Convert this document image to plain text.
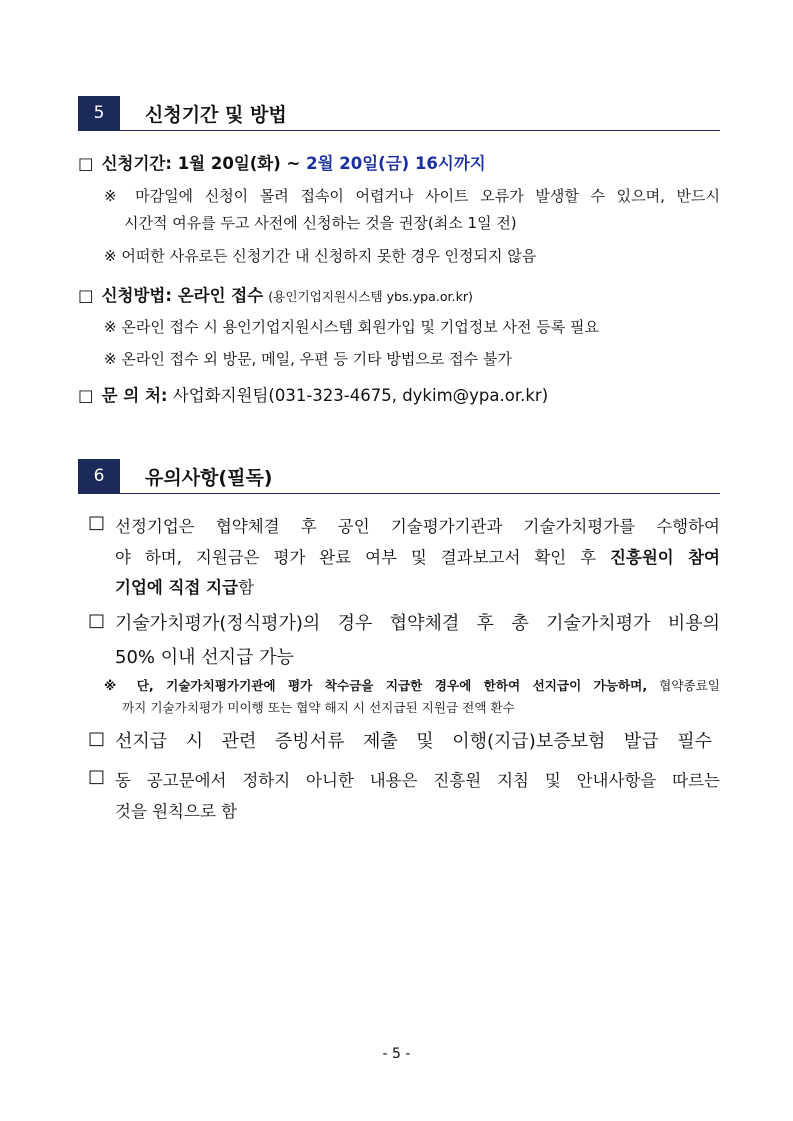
5	신청기간 및 방법
□ 신청기간: 1월 20일(화) ~ 2월 20일(금) 16시까지
※ 마감일에 신청이 몰려 접속이 어렵거나 사이트 오류가 발생할 수 있으며, 반드시
시간적 여유를 두고 사전에 신청하는 것을 권장(최소 1일 전)
※ 어떠한 사유로든 신청기간 내 신청하지 못한 경우 인정되지 않음
□ 신청방법: 온라인 접수 (용인기업지원시스템 ybs.ypa.or.kr)
※ 온라인 접수 시 용인기업지원시스템 회원가입 및 기업정보 사전 등록 필요
※ 온라인 접수 외 방문, 메일, 우편 등 기타 방법으로 접수 불가
□ 문 의 처: 사업화지원팀(031-323-4675, dykim@ypa.or.kr)
6	유의사항(필독)
□ 선정기업은 협약체결 후 공인 기술평가기관과 기술가치평가를 수행하여
야 하며, 지원금은 평가 완료 여부 및 결과보고서 확인 후 진흥원이 참여
기업에 직접 지급함
□ 기술가치평가(정식평가)의 경우 협약체결 후 총 기술가치평가 비용의
50% 이내 선지급 가능
※ 단, 기술가치평가기관에 평가 착수금을 지급한 경우에 한하여 선지급이 가능하며, 협약종료일
까지 기술가치평가 미이행 또는 협약 해지 시 선지급된 지원금 전액 환수
□ 선지급 시 관련 증빙서류 제출 및 이행(지급)보증보험 발급 필수
□ 동 공고문에서 정하지 아니한 내용은 진흥원 지침 및 안내사항을 따르는
것을 원칙으로 함
- 5 -
